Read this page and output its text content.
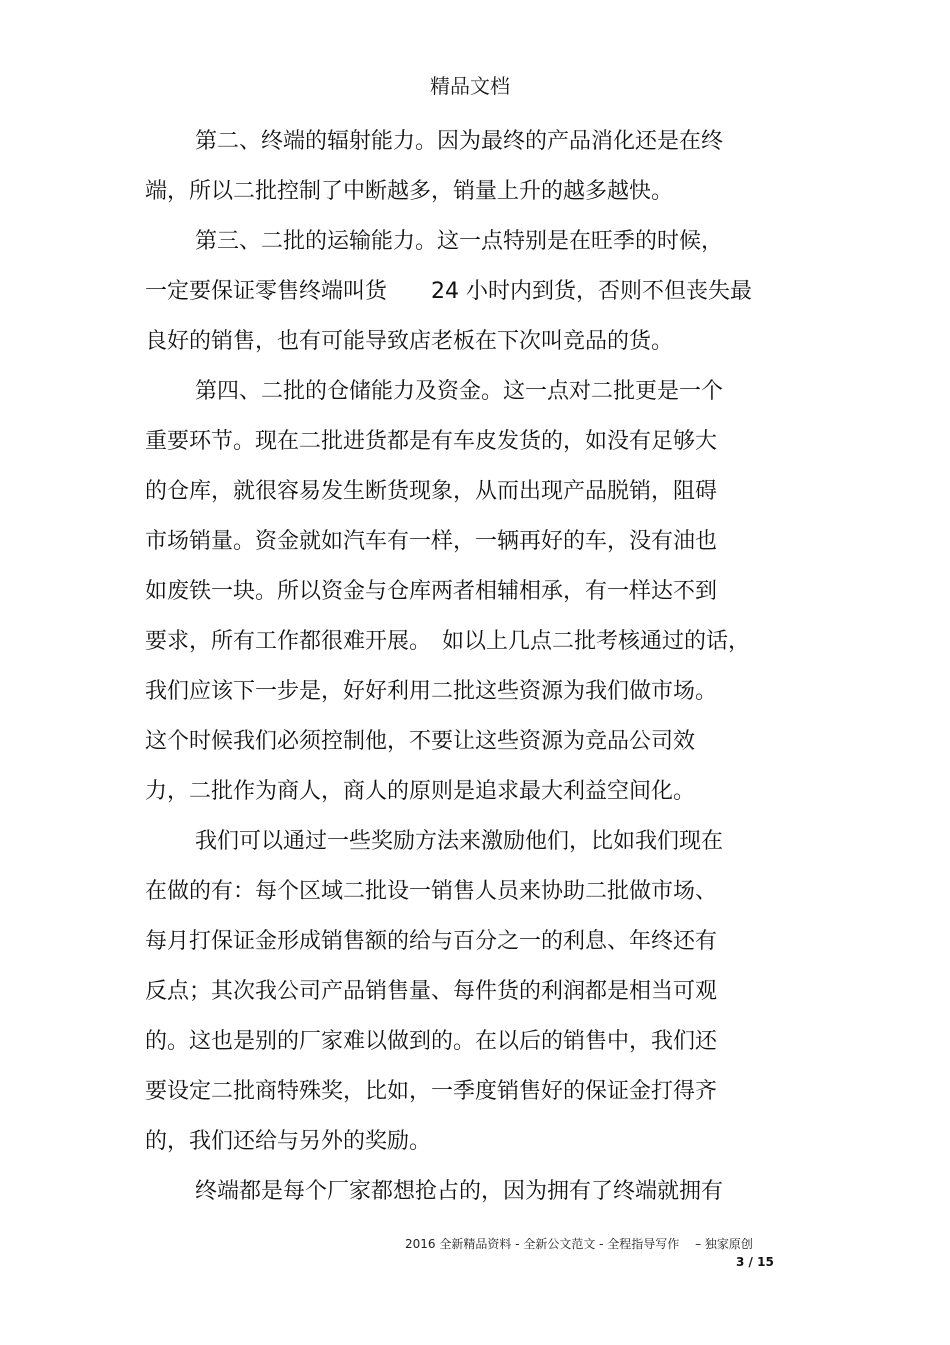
精品文档
第二、终端的辐射能力。因为最终的产品消化还是在终
端，所以二批控制了中断越多，销量上升的越多越快。
第三、二批的运输能力。这一点特别是在旺季的时候，
一定要保证零售终端叫货　　24 小时内到货，否则不但丧失最
良好的销售，也有可能导致店老板在下次叫竞品的货。
第四、二批的仓储能力及资金。这一点对二批更是一个
重要环节。现在二批进货都是有车皮发货的，如没有足够大
的仓库，就很容易发生断货现象，从而出现产品脱销，阻碍
市场销量。资金就如汽车有一样，一辆再好的车，没有油也
如废铁一块。所以资金与仓库两者相辅相承，有一样达不到
要求，所有工作都很难开展。　如以上几点二批考核通过的话，
我们应该下一步是，好好利用二批这些资源为我们做市场。
这个时候我们必须控制他，不要让这些资源为竞品公司效
力，二批作为商人，商人的原则是追求最大利益空间化。
我们可以通过一些奖励方法来激励他们，比如我们现在
在做的有：每个区域二批设一销售人员来协助二批做市场、
每月打保证金形成销售额的给与百分之一的利息、年终还有
反点；其次我公司产品销售量、每件货的利润都是相当可观
的。这也是别的厂家难以做到的。在以后的销售中，我们还
要设定二批商特殊奖，比如，一季度销售好的保证金打得齐
的，我们还给与另外的奖励。
终端都是每个厂家都想抢占的，因为拥有了终端就拥有
2016 全新精品资料 - 全新公文范文 - 全程指导写作　 – 独家原创
3 / 15
